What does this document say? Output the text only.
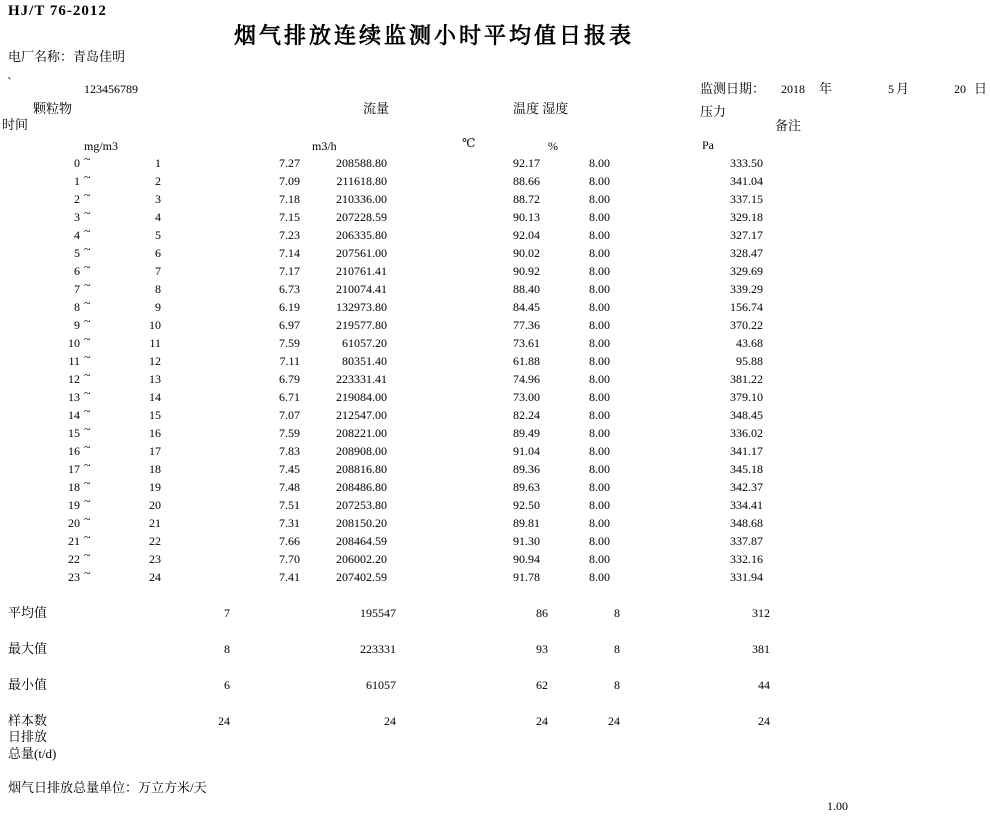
HJ/T 76-2012
烟气排放连续监测小时平均值日报表
电厂名称：青岛佳明
`	123456789	监测日期： 2018 年	5 月	20 日
颗粒物	流量	温度 湿度	压力
时间	备注
mg/m3	m3/h	℃	%	Pa
0 ~	1	7.27	208588.80	92.17	8.00	333.50
1 ~	2	7.09	211618.80	88.66	8.00	341.04
2 ~	3	7.18	210336.00	88.72	8.00	337.15
3 ~	4	7.15	207228.59	90.13	8.00	329.18
4 ~	5	7.23	206335.80	92.04	8.00	327.17
5 ~	6	7.14	207561.00	90.02	8.00	328.47
6 ~	7	7.17	210761.41	90.92	8.00	329.69
7 ~	8	6.73	210074.41	88.40	8.00	339.29
8 ~	9	6.19	132973.80	84.45	8.00	156.74
9 ~	10	6.97	219577.80	77.36	8.00	370.22
10 ~	11	7.59	61057.20	73.61	8.00	43.68
11 ~	12	7.11	80351.40	61.88	8.00	95.88
12 ~	13	6.79	223331.41	74.96	8.00	381.22
13 ~	14	6.71	219084.00	73.00	8.00	379.10
14 ~	15	7.07	212547.00	82.24	8.00	348.45
15 ~	16	7.59	208221.00	89.49	8.00	336.02
16 ~	17	7.83	208908.00	91.04	8.00	341.17
17 ~	18	7.45	208816.80	89.36	8.00	345.18
18 ~	19	7.48	208486.80	89.63	8.00	342.37
19 ~	20	7.51	207253.80	92.50	8.00	334.41
20 ~	21	7.31	208150.20	89.81	8.00	348.68
21 ~	22	7.66	208464.59	91.30	8.00	337.87
22 ~	23	7.70	206002.20	90.94	8.00	332.16
23 ~	24	7.41	207402.59	91.78	8.00	331.94
平均值	7	195547	86	8	312
最大值	8	223331	93	8	381
最小值	6	61057	62	8	44
样本数	24	24	24	24	24
日排放
总量(t/d)
烟气日排放总量单位：万立方米/天
1.00
